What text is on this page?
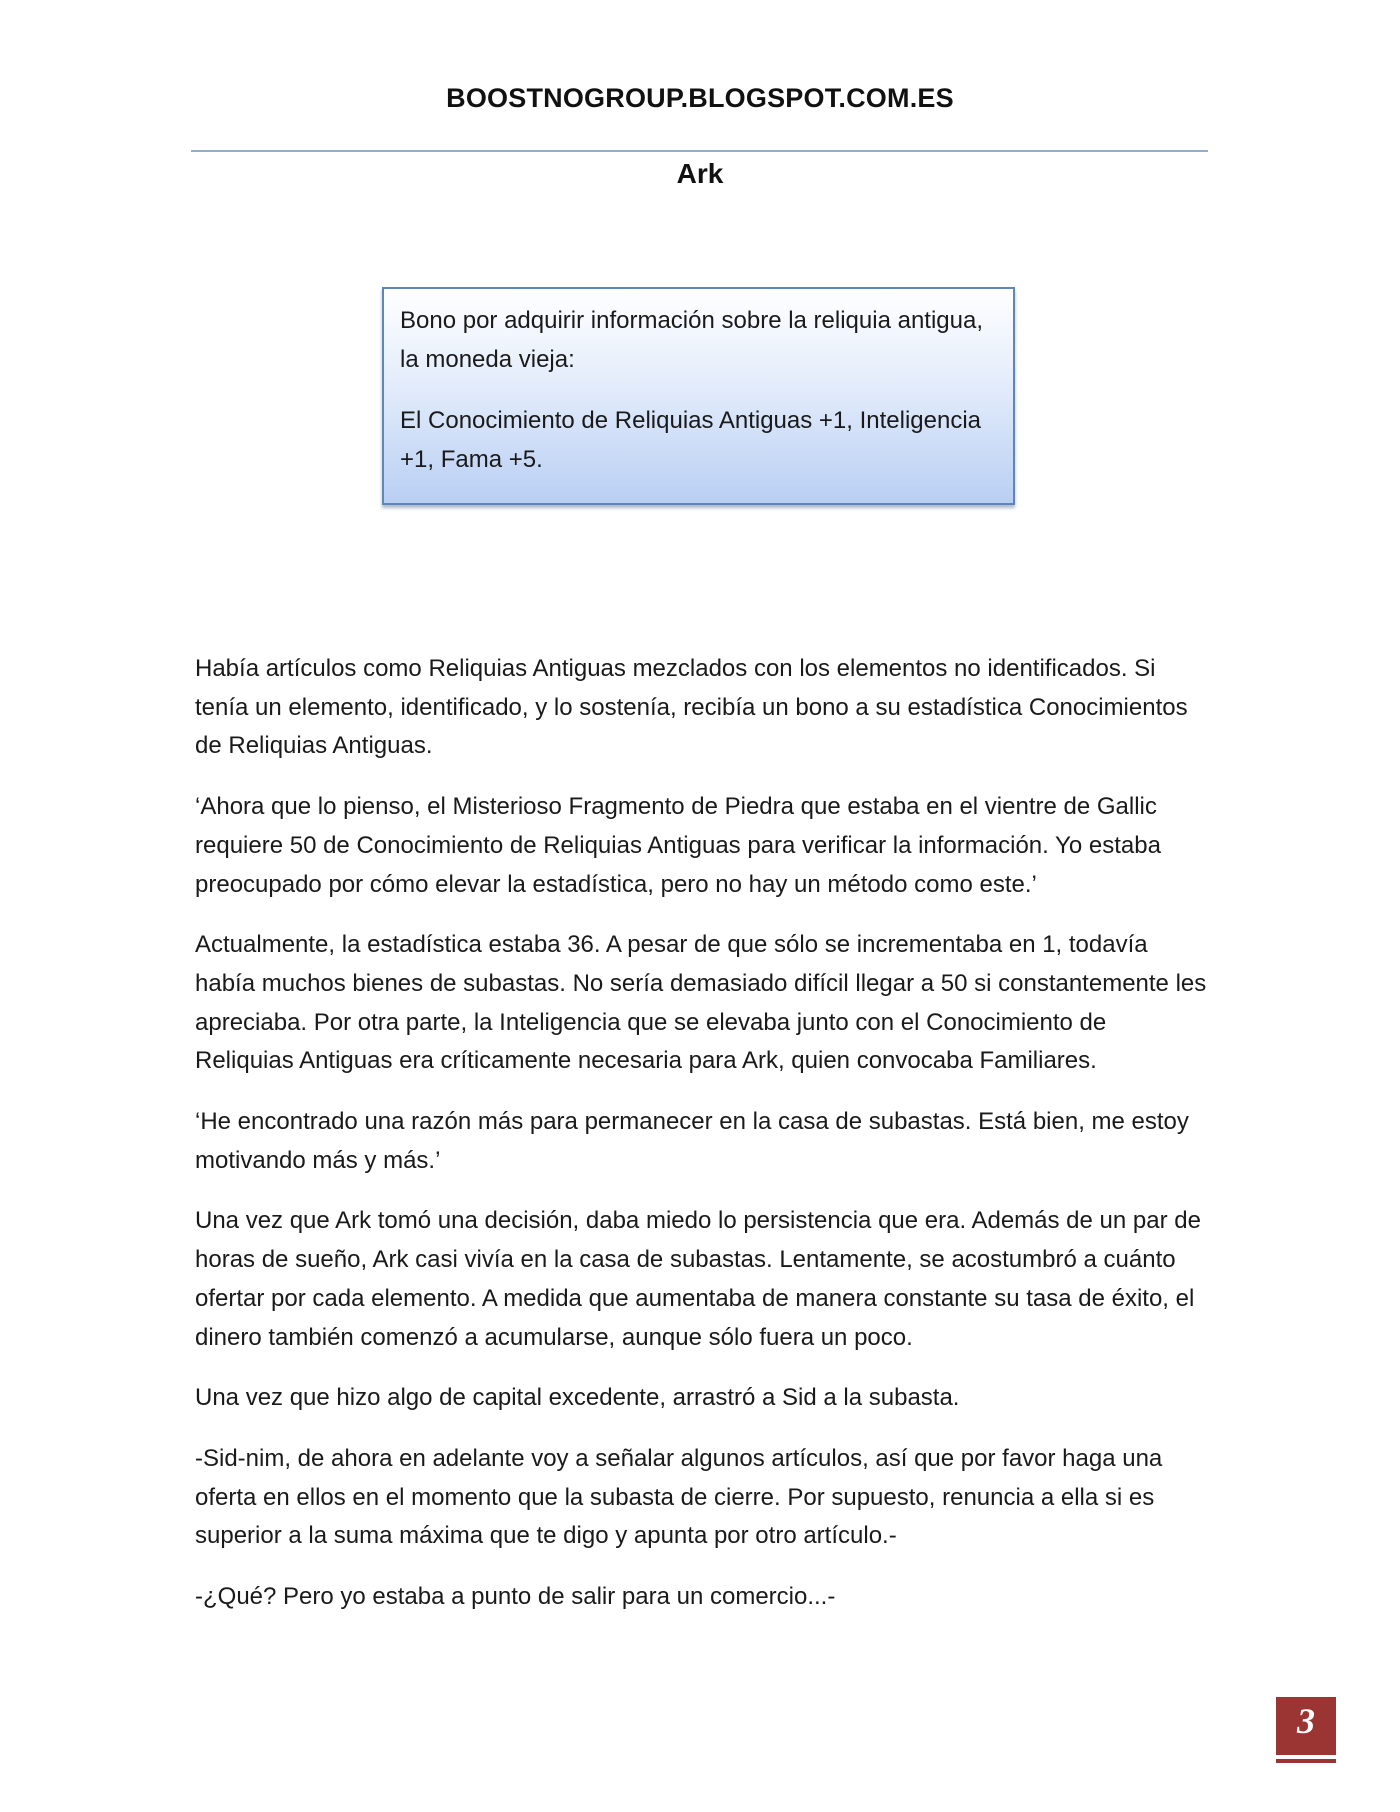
BOOSTNOGROUP.BLOGSPOT.COM.ES
Ark

Bono por adquirir información sobre la reliquia antigua, la moneda vieja:

El Conocimiento de Reliquias Antiguas +1, Inteligencia +1, Fama +5.

Había artículos como Reliquias Antiguas mezclados con los elementos no identificados. Si tenía un elemento, identificado, y lo sostenía, recibía un bono a su estadística Conocimientos de Reliquias Antiguas.

‘Ahora que lo pienso, el Misterioso Fragmento de Piedra que estaba en el vientre de Gallic requiere 50 de Conocimiento de Reliquias Antiguas para verificar la información. Yo estaba preocupado por cómo elevar la estadística, pero no hay un método como este.’

Actualmente, la estadística estaba 36. A pesar de que sólo se incrementaba en 1, todavía había muchos bienes de subastas. No sería demasiado difícil llegar a 50 si constantemente les apreciaba. Por otra parte, la Inteligencia que se elevaba junto con el Conocimiento de Reliquias Antiguas era críticamente necesaria para Ark, quien convocaba Familiares.

‘He encontrado una razón más para permanecer en la casa de subastas. Está bien, me estoy motivando más y más.’

Una vez que Ark tomó una decisión, daba miedo lo persistencia que era. Además de un par de horas de sueño, Ark casi vivía en la casa de subastas. Lentamente, se acostumbró a cuánto ofertar por cada elemento. A medida que aumentaba de manera constante su tasa de éxito, el dinero también comenzó a acumularse, aunque sólo fuera un poco.

Una vez que hizo algo de capital excedente, arrastró a Sid a la subasta.

-Sid-nim, de ahora en adelante voy a señalar algunos artículos, así que por favor haga una oferta en ellos en el momento que la subasta de cierre. Por supuesto, renuncia a ella si es superior a la suma máxima que te digo y apunta por otro artículo.-

-¿Qué? Pero yo estaba a punto de salir para un comercio...-

3
